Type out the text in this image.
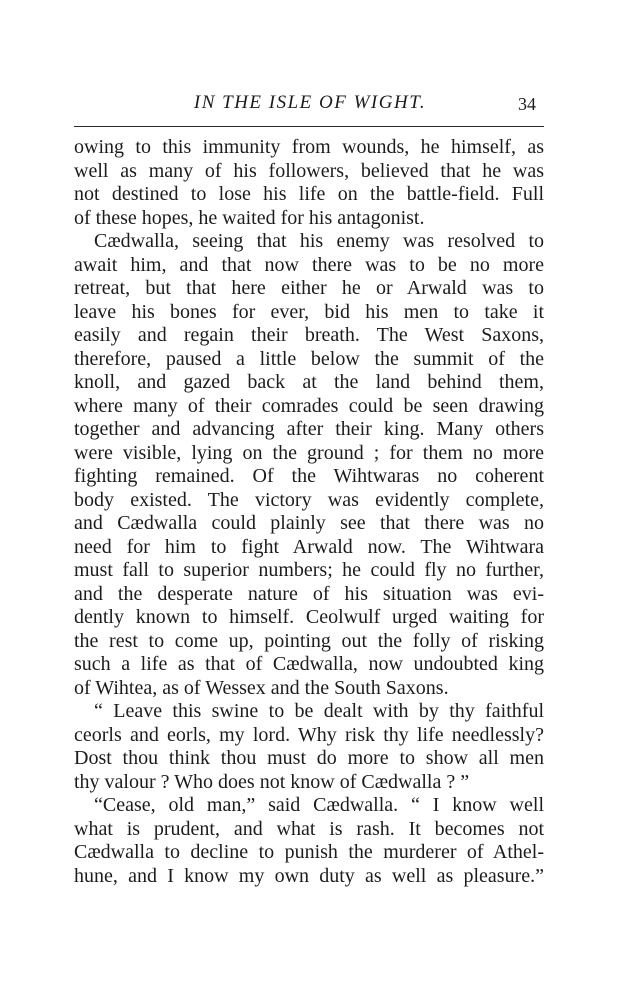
IN THE ISLE OF WIGHT.	34
owing to this immunity from wounds, he himself, as
well as many of his followers, believed that he was
not destined to lose his life on the battle-field. Full
of these hopes, he waited for his antagonist.
Cædwalla, seeing that his enemy was resolved to
await him, and that now there was to be no more
retreat, but that here either he or Arwald was to
leave his bones for ever, bid his men to take it
easily and regain their breath. The West Saxons,
therefore, paused a little below the summit of the
knoll, and gazed back at the land behind them,
where many of their comrades could be seen drawing
together and advancing after their king. Many others
were visible, lying on the ground ; for them no more
fighting remained. Of the Wihtwaras no coherent
body existed. The victory was evidently complete,
and Cædwalla could plainly see that there was no
need for him to fight Arwald now. The Wihtwara
must fall to superior numbers; he could fly no further,
and the desperate nature of his situation was evi-
dently known to himself. Ceolwulf urged waiting for
the rest to come up, pointing out the folly of risking
such a life as that of Cædwalla, now undoubted king
of Wihtea, as of Wessex and the South Saxons.
“ Leave this swine to be dealt with by thy faithful
ceorls and eorls, my lord. Why risk thy life needlessly?
Dost thou think thou must do more to show all men
thy valour ? Who does not know of Cædwalla ? ”
“Cease, old man,” said Cædwalla. “ I know well
what is prudent, and what is rash. It becomes not
Cædwalla to decline to punish the murderer of Athel-
hune, and I know my own duty as well as pleasure.”
